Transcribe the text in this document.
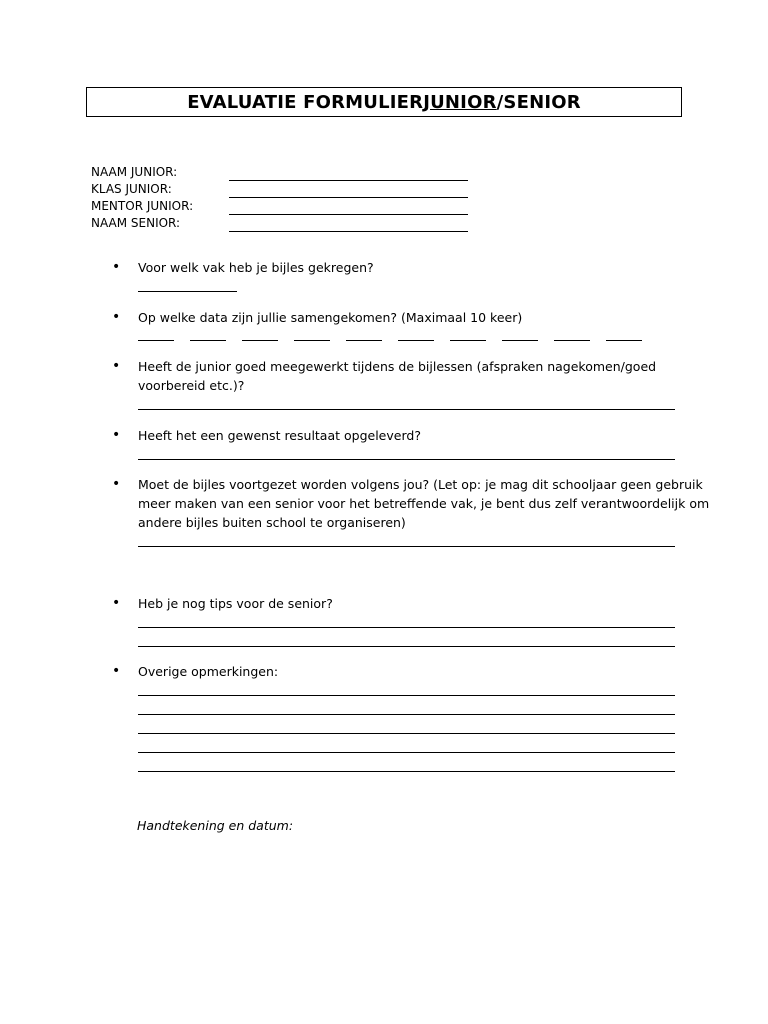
EVALUATIE FORMULIER JUNIOR /SENIOR
NAAM JUNIOR:
KLAS JUNIOR:
MENTOR JUNIOR:
NAAM SENIOR:
• Voor welk vak heb je bijles gekregen?
• Op welke data zijn jullie samengekomen? (Maximaal 10 keer)
• Heeft de junior goed meegewerkt tijdens de bijlessen (afspraken nagekomen/goed
voorbereid etc.)?
• Heeft het een gewenst resultaat opgeleverd?
• Moet de bijles voortgezet worden volgens jou? (Let op: je mag dit schooljaar geen gebruik
meer maken van een senior voor het betreffende vak, je bent dus zelf verantwoordelijk om
andere bijles buiten school te organiseren)
• Heb je nog tips voor de senior?
• Overige opmerkingen:
Handtekening en datum:
